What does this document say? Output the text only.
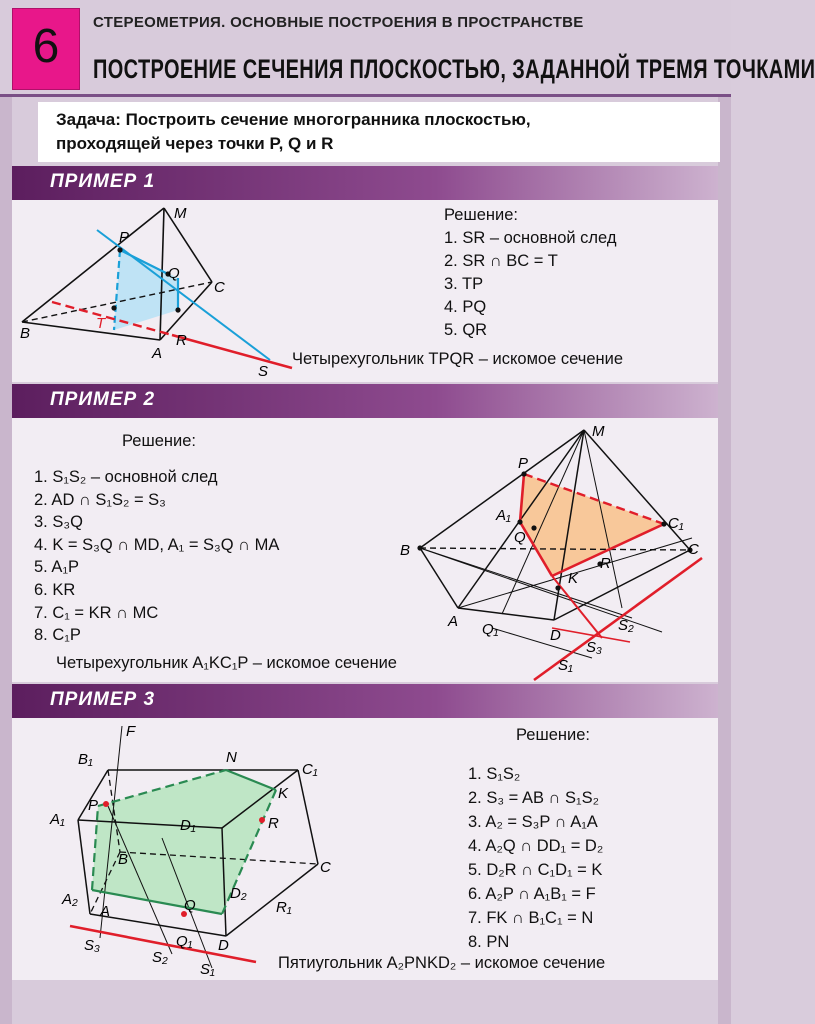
6	СТЕРЕОМЕТРИЯ. ОСНОВНЫЕ ПОСТРОЕНИЯ В ПРОСТРАНСТВЕ
ПОСТРОЕНИЕ СЕЧЕНИЯ ПЛОСКОСТЬЮ, ЗАДАННОЙ ТРЕМЯ ТОЧКАМИ

Задача: Построить сечение многогранника плоскостью,

проходящей через точки P, Q и R

ПРИМЕР 1
M
P
Q
C
B
T
A
R
S
Решение:
1. SR – основной след
2. SR ∩ BC = T
3. TP
4. PQ
5. QR
Четырехугольник TPQR – искомое сечение
ПРИМЕР 2
M
P
A₁
Q
C₁
B	C
R
K
A Q₁	D
S₂
S₃
S₁
Решение:
1. S₁S₂ – основной след
2. AD ∩ S₁S₂ = S₃
3. S₃Q
4. K = S₃Q ∩ MD, A₁ = S₃Q ∩ MA
5. A₁P
6. KR
7. C₁ = KR ∩ MC
8. C₁P
Четырехугольник A₁KC₁P – искомое сечение
ПРИМЕР 3
F
B₁	N
C₁
K
P
A₁	D₁	R
B	C
A₂
A
D₂
R₁
Q
S₃	Q₁ D
S₂
S₁
Решение:
1. S₁S₂
2. S₃ = AB ∩ S₁S₂
3. A₂ = S₃P ∩ A₁A
4. A₂Q ∩ DD₁ = D₂
5. D₂R ∩ C₁D₁ = K
6. A₂P ∩ A₁B₁ = F
7. FK ∩ B₁C₁ = N
8. PN
Пятиугольник A₂PNKD₂ – искомое сечение
